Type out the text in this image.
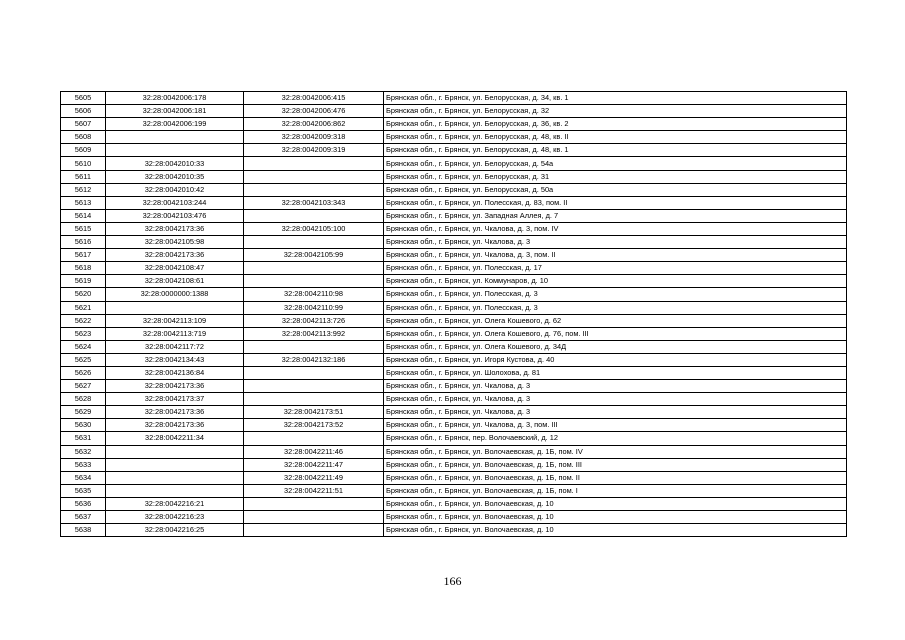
5605	32:28:0042006:178	32:28:0042006:415	Брянская обл., г. Брянск, ул. Белорусская, д. 34, кв. 1
5606	32:28:0042006:181	32:28:0042006:476	Брянская обл., г. Брянск, ул. Белорусская, д. 32
5607	32:28:0042006:199	32:28:0042006:862	Брянская обл., г. Брянск, ул. Белорусская, д. 36, кв. 2
5608		32:28:0042009:318	Брянская обл., г. Брянск, ул. Белорусская, д. 48, кв. II
5609		32:28:0042009:319	Брянская обл., г. Брянск, ул. Белорусская, д. 48, кв. 1
5610	32:28:0042010:33		Брянская обл., г. Брянск, ул. Белорусская, д. 54а
5611	32:28:0042010:35		Брянская обл., г. Брянск, ул. Белорусская, д. 31
5612	32:28:0042010:42		Брянская обл., г. Брянск, ул. Белорусская, д. 50а
5613	32:28:0042103:244	32:28:0042103:343	Брянская обл., г. Брянск, ул. Полесская, д. 83, пом. II
5614	32:28:0042103:476		Брянская обл., г. Брянск, ул. Западная Аллея, д. 7
5615	32:28:0042173:36	32:28:0042105:100	Брянская обл., г. Брянск, ул. Чкалова, д. 3, пом. IV
5616	32:28:0042105:98		Брянская обл., г. Брянск, ул. Чкалова, д. 3
5617	32:28:0042173:36	32:28:0042105:99	Брянская обл., г. Брянск, ул. Чкалова, д. 3, пом. II
5618	32:28:0042108:47		Брянская обл., г. Брянск, ул. Полесская, д. 17
5619	32:28:0042108:61		Брянская обл., г. Брянск, ул. Коммунаров, д. 10
5620	32:28:0000000:1388	32:28:0042110:98	Брянская обл., г. Брянск, ул. Полесская, д. 3
5621		32:28:0042110:99	Брянская обл., г. Брянск, ул. Полесская, д. 3
5622	32:28:0042113:109	32:28:0042113:726	Брянская обл., г. Брянск, ул. Олега Кошевого, д. 62
5623	32:28:0042113:719	32:28:0042113:992	Брянская обл., г. Брянск, ул. Олега Кошевого, д. 76, пом. III
5624	32:28:0042117:72		Брянская обл., г. Брянск, ул. Олега Кошевого, д. 34Д
5625	32:28:0042134:43	32:28:0042132:186	Брянская обл., г. Брянск, ул. Игоря Кустова, д. 40
5626	32:28:0042136:84		Брянская обл., г. Брянск, ул. Шолохова, д. 81
5627	32:28:0042173:36		Брянская обл., г. Брянск, ул. Чкалова, д. 3
5628	32:28:0042173:37		Брянская обл., г. Брянск, ул. Чкалова, д. 3
5629	32:28:0042173:36	32:28:0042173:51	Брянская обл., г. Брянск, ул. Чкалова, д. 3
5630	32:28:0042173:36	32:28:0042173:52	Брянская обл., г. Брянск, ул. Чкалова, д. 3, пом. III
5631	32:28:0042211:34		Брянская обл., г. Брянск, пер. Волочаевский, д. 12
5632		32:28:0042211:46	Брянская обл., г. Брянск, ул. Волочаевская, д. 1Б, пом. IV
5633		32:28:0042211:47	Брянская обл., г. Брянск, ул. Волочаевская, д. 1Б, пом. III
5634		32:28:0042211:49	Брянская обл., г. Брянск, ул. Волочаевская, д. 1Б, пом. II
5635		32:28:0042211:51	Брянская обл., г. Брянск, ул. Волочаевская, д. 1Б, пом. I
5636	32:28:0042216:21		Брянская обл., г. Брянск, ул. Волочаевская, д. 10
5637	32:28:0042216:23		Брянская обл., г. Брянск, ул. Волочаевская, д. 10
5638	32:28:0042216:25		Брянская обл., г. Брянск, ул. Волочаевская, д. 10
166
